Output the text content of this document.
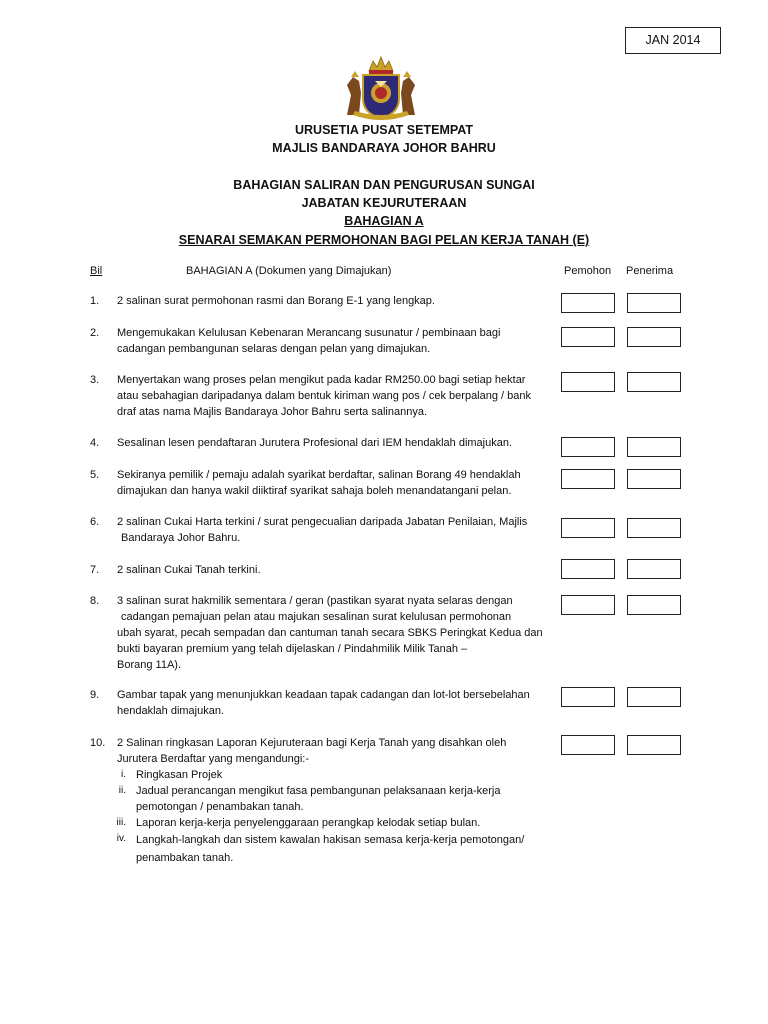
JAN 2014
URUSETIA PUSAT SETEMPAT
MAJLIS BANDARAYA JOHOR BAHRU
BAHAGIAN SALIRAN DAN PENGURUSAN SUNGAI
JABATAN KEJURUTERAAN
BAHAGIAN A
SENARAI SEMAKAN PERMOHONAN BAGI PELAN KERJA TANAH (E)
Bil	BAHAGIAN A (Dokumen yang Dimajukan)	Pemohon Penerima
1. 2 salinan surat permohonan rasmi dan Borang E-1 yang lengkap.
2. Mengemukakan Kelulusan Kebenaran Merancang susunatur / pembinaan bagi
cadangan pembangunan selaras dengan pelan yang dimajukan.
3. Menyertakan wang proses pelan mengikut pada kadar RM250.00 bagi setiap hektar
atau sebahagian daripadanya dalam bentuk kiriman wang pos / cek berpalang / bank
draf atas nama Majlis Bandaraya Johor Bahru serta salinannya.
4. Sesalinan lesen pendaftaran Jurutera Profesional dari IEM hendaklah dimajukan.
5. Sekiranya pemilik / pemaju adalah syarikat berdaftar, salinan Borang 49 hendaklah
dimajukan dan hanya wakil diiktiraf syarikat sahaja boleh menandatangani pelan.
6. 2 salinan Cukai Harta terkini / surat pengecualian daripada Jabatan Penilaian, Majlis
Bandaraya Johor Bahru.
7. 2 salinan Cukai Tanah terkini.
8. 3 salinan surat hakmilik sementara / geran (pastikan syarat nyata selaras dengan
cadangan pemajuan pelan atau majukan sesalinan surat kelulusan permohonan
ubah syarat, pecah sempadan dan cantuman tanah secara SBKS Peringkat Kedua dan
bukti bayaran premium yang telah dijelaskan / Pindahmilik Milik Tanah –
Borang 11A).
9. Gambar tapak yang menunjukkan keadaan tapak cadangan dan lot-lot bersebelahan
hendaklah dimajukan.
10. 2 Salinan ringkasan Laporan Kejuruteraan bagi Kerja Tanah yang disahkan oleh
Jurutera Berdaftar yang mengandungi:-
i. Ringkasan Projek
ii. Jadual perancangan mengikut fasa pembangunan pelaksanaan kerja-kerja
pemotongan / penambakan tanah.
iii. Laporan kerja-kerja penyelenggaraan perangkap kelodak setiap bulan.
iv. Langkah-langkah dan sistem kawalan hakisan semasa kerja-kerja pemotongan/
penambakan tanah.
